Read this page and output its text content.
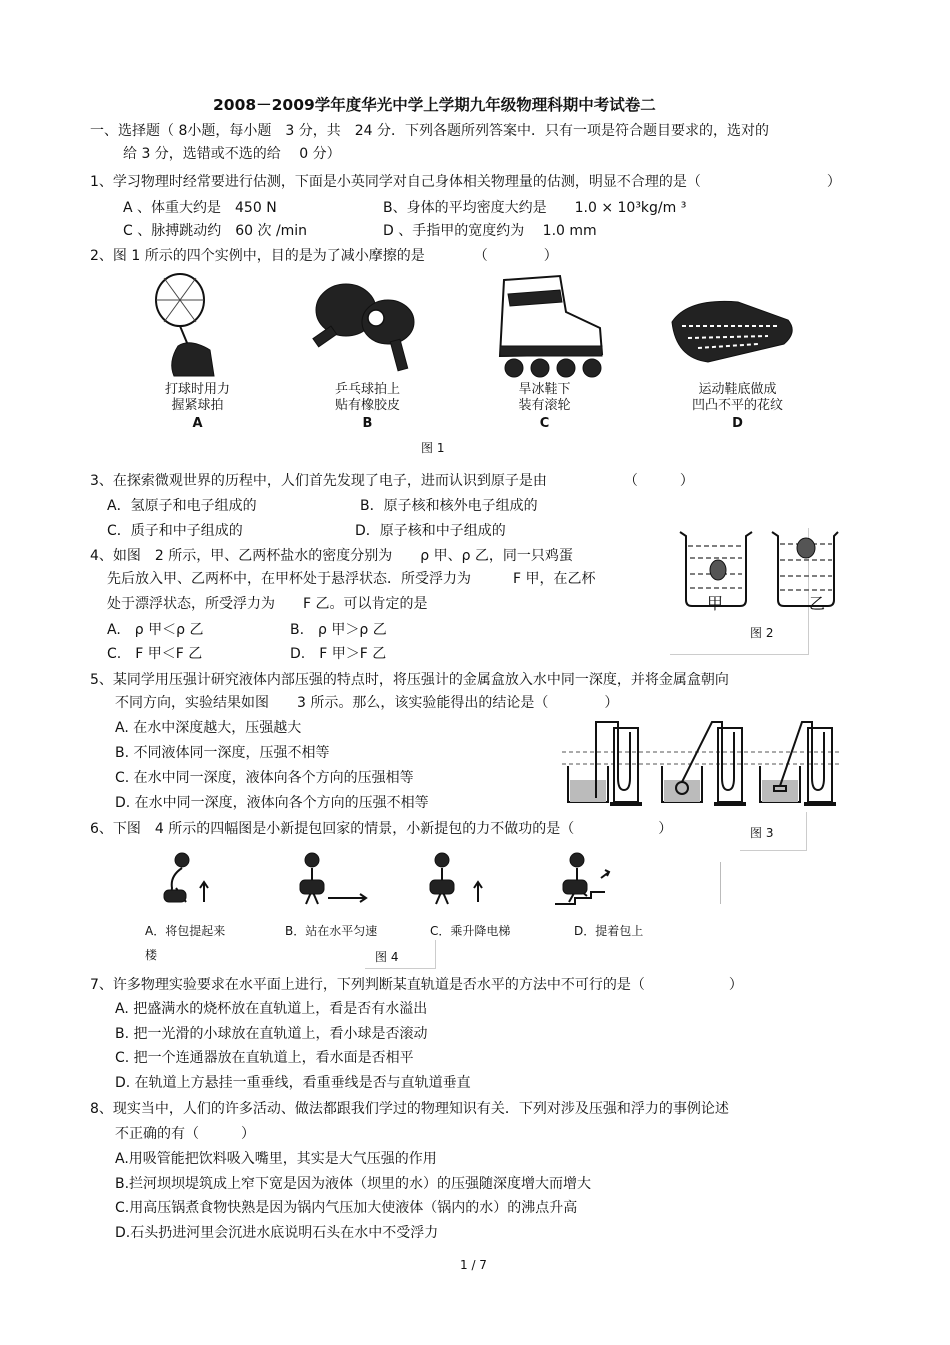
2008－2009学年度华光中学上学期九年级物理科期中考试卷二
一、选择题（ 8小题，每小题　3 分，共　24 分．下列各题所列答案中．只有一项是符合题目要求的，选对的
给 3 分，选错或不选的给　 0 分）
1、学习物理时经常要进行估测，下面是小英同学对自己身体相关物理量的估测，明显不合理的是（　　　　　　　　　）
A 、体重大约是　450 N	B、身体的平均密度大约是　　1.0 × 10³kg/m ³
C 、脉搏跳动约　60 次 /min	D 、手指甲的宽度约为　 1.0 mm
2、图 1 所示的四个实例中，目的是为了减小摩擦的是　　　　（　　　　）
打球时用力
握紧球拍
A
乒乓球拍上
贴有橡胶皮
B
旱冰鞋下
装有滚轮
C
运动鞋底做成
凹凸不平的花纹
D
图 1
3、在探索微观世界的历程中，人们首先发现了电子，进而认识到原子是由　　　　　　（　　　）
A．氢原子和电子组成的	B．原子核和核外电子组成的
C．质子和中子组成的	D．原子核和中子组成的
4、如图　2 所示，甲、乙两杯盐水的密度分别为　　ρ 甲、ρ 乙，同一只鸡蛋
先后放入甲、乙两杯中，在甲杯处于悬浮状态．所受浮力为　　　F 甲，在乙杯
处于漂浮状态，所受浮力为　　F 乙。可以肯定的是
A.　ρ 甲＜ρ 乙	B.　ρ 甲＞ρ 乙
C.　F 甲＜F 乙	D.　F 甲＞F 乙
甲	乙
图 2
5、某同学用压强计研究液体内部压强的特点时，将压强计的金属盒放入水中同一深度，并将金属盒朝向
不同方向，实验结果如图　　3 所示。那么，该实验能得出的结论是（　　　　）
A. 在水中深度越大，压强越大
B. 不同液体同一深度，压强不相等
C. 在水中同一深度，液体向各个方向的压强相等
D. 在水中同一深度，液体向各个方向的压强不相等
图 3
6、下图　4 所示的四幅图是小新提包回家的情景，小新提包的力不做功的是（　　　　　　）
A．将包提起来	B．站在水平匀速	C．乘升降电梯	D．提着包上
楼	图 4
7、许多物理实验要求在水平面上进行，下列判断某直轨道是否水平的方法中不可行的是（　　　　　　）
A. 把盛满水的烧杯放在直轨道上，看是否有水溢出
B. 把一光滑的小球放在直轨道上，看小球是否滚动
C. 把一个连通器放在直轨道上，看水面是否相平
D. 在轨道上方悬挂一重垂线，看重垂线是否与直轨道垂直
8、现实当中，人们的许多活动、做法都跟我们学过的物理知识有关．下列对涉及压强和浮力的事例论述
不正确的有（　　　）
A.用吸管能把饮料吸入嘴里，其实是大气压强的作用
B.拦河坝坝堤筑成上窄下宽是因为液体（坝里的水）的压强随深度增大而增大
C.用高压锅煮食物快熟是因为锅内气压加大使液体（锅内的水）的沸点升高
D.石头扔进河里会沉进水底说明石头在水中不受浮力
1 / 7
